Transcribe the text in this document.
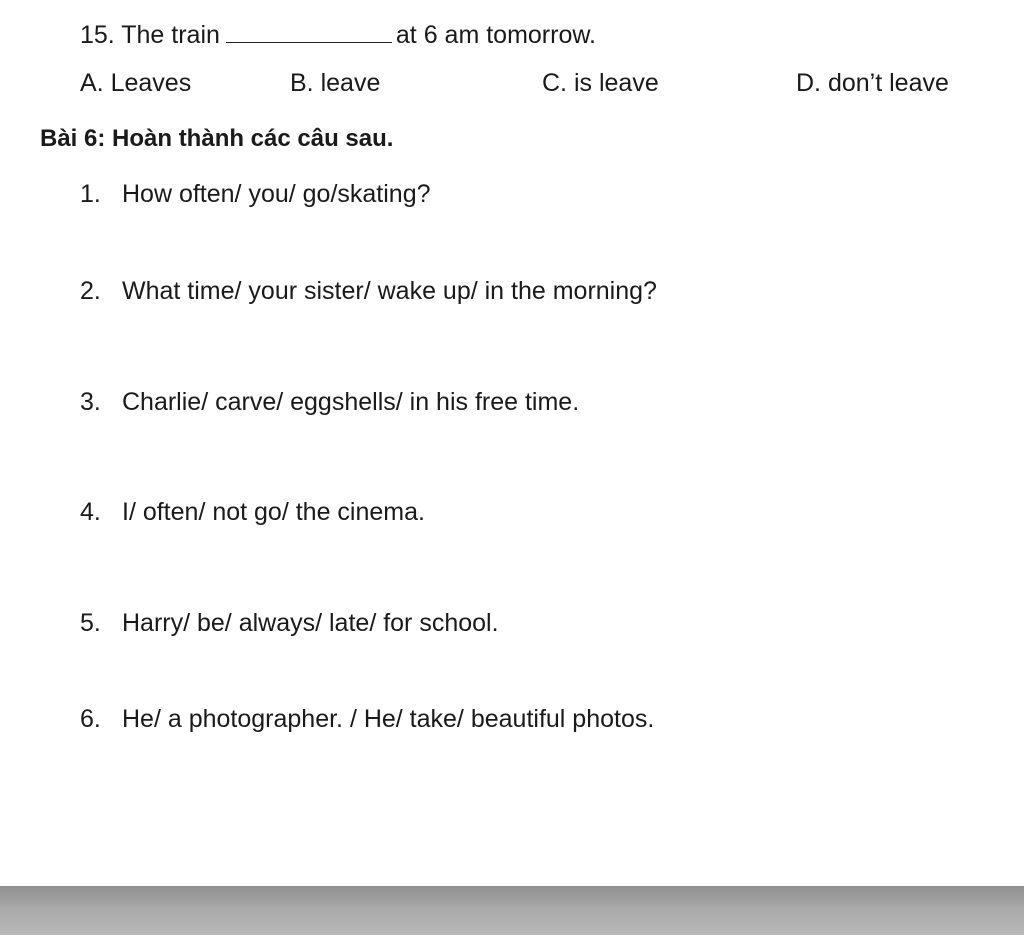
15. The train	at 6 am tomorrow.
A. Leaves	B. leave	C. is leave	D. don’t leave
Bài 6: Hoàn thành các câu sau.
1. How often/ you/ go/skating?
2. What time/ your sister/ wake up/ in the morning?
3. Charlie/ carve/ eggshells/ in his free time.
4. I/ often/ not go/ the cinema.
5. Harry/ be/ always/ late/ for school.
6. He/ a photographer. / He/ take/ beautiful photos.
